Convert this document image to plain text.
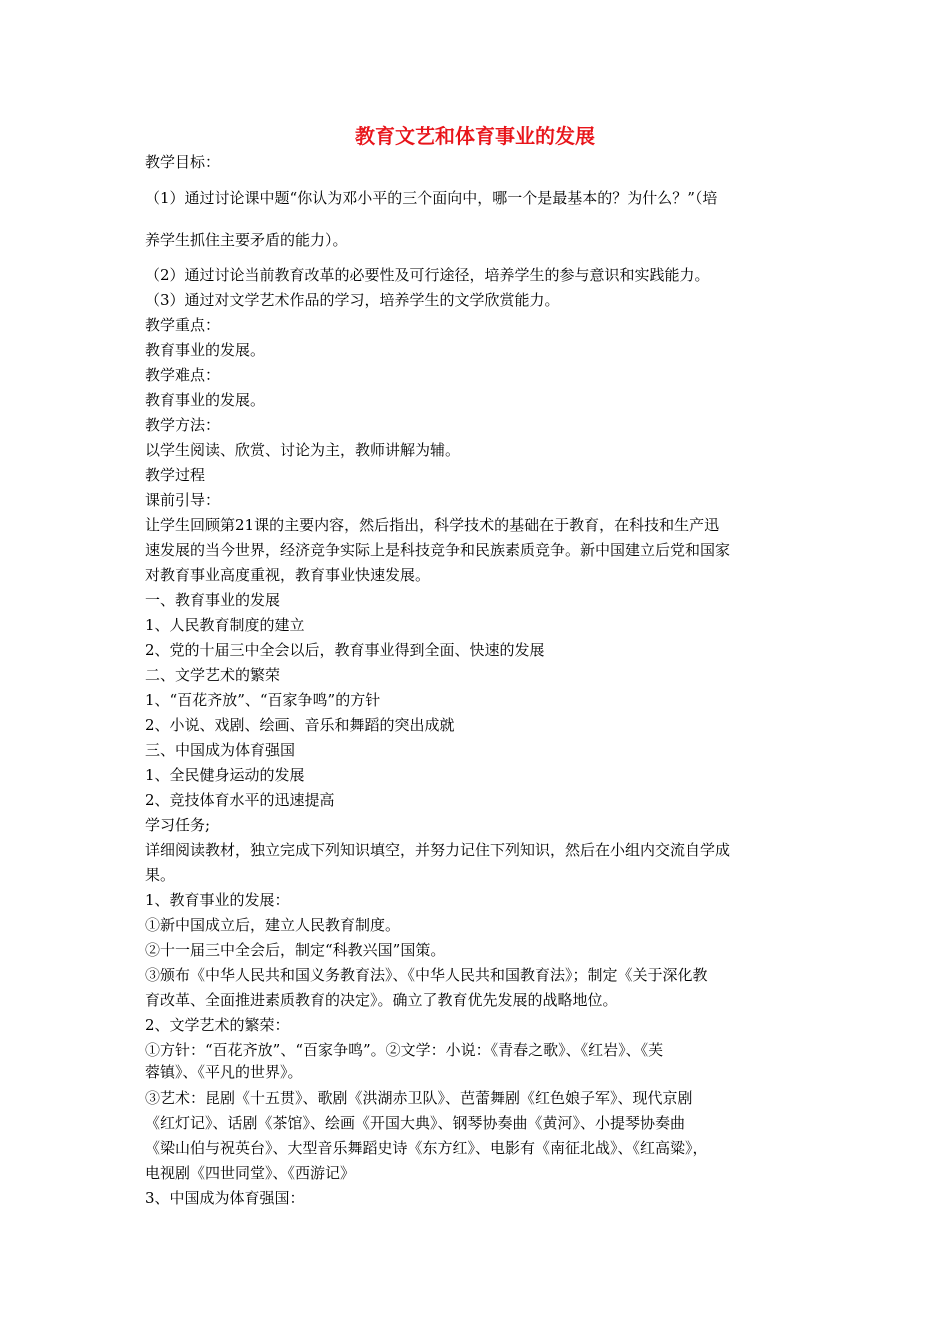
教育文艺和体育事业的发展

教学目标：

（1）通过讨论课中题“你认为邓小平的三个面向中，哪一个是最基本的？为什么？”（培

养学生抓住主要矛盾的能力）。

（2）通过讨论当前教育改革的必要性及可行途径，培养学生的参与意识和实践能力。

（3）通过对文学艺术作品的学习，培养学生的文学欣赏能力。

教学重点：

教育事业的发展。

教学难点：

教育事业的发展。

教学方法：

以学生阅读、欣赏、讨论为主，教师讲解为辅。

教学过程

课前引导：

让学生回顾第21课的主要内容，然后指出，科学技术的基础在于教育，在科技和生产迅

速发展的当今世界，经济竞争实际上是科技竞争和民族素质竞争。新中国建立后党和国家

对教育事业高度重视，教育事业快速发展。

一、教育事业的发展

1、人民教育制度的建立

2、党的十届三中全会以后，教育事业得到全面、快速的发展

二、文学艺术的繁荣

1、“百花齐放”、“百家争鸣”的方针

2、小说、戏剧、绘画、音乐和舞蹈的突出成就

三、中国成为体育强国

1、全民健身运动的发展

2、竞技体育水平的迅速提高

学习任务;

详细阅读教材，独立完成下列知识填空，并努力记住下列知识，然后在小组内交流自学成

果。

1、教育事业的发展：

①新中国成立后，建立人民教育制度。

②十一届三中全会后，制定“科教兴国”国策。

③颁布《中华人民共和国义务教育法》、《中华人民共和国教育法》；制定《关于深化教

育改革、全面推进素质教育的决定》。确立了教育优先发展的战略地位。

2、文学艺术的繁荣：

①方针：“百花齐放”、“百家争鸣”。②文学：小说：《青春之歌》、《红岩》、《芙

蓉镇》、《平凡的世界》。

③艺术：昆剧《十五贯》、歌剧《洪湖赤卫队》、芭蕾舞剧《红色娘子军》、现代京剧

《红灯记》、话剧《茶馆》、绘画《开国大典》、钢琴协奏曲《黄河》、小提琴协奏曲

《梁山伯与祝英台》、大型音乐舞蹈史诗《东方红》、电影有《南征北战》、《红高粱》，

电视剧《四世同堂》、《西游记》

3、中国成为体育强国：
